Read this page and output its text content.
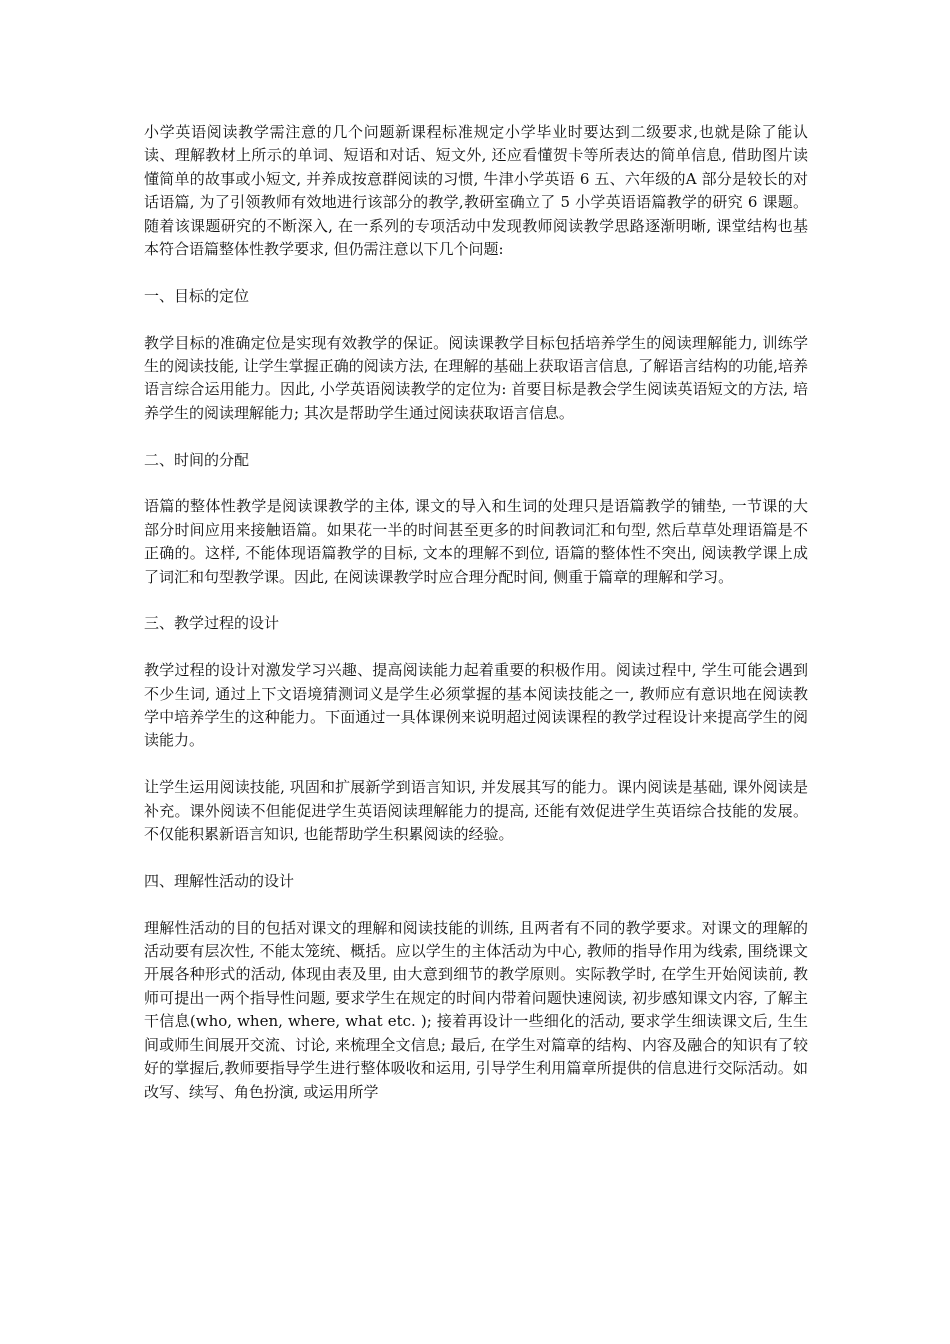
小学英语阅读教学需注意的几个问题新课程标准规定小学毕业时要达到二级要求,也就是除了能认读、理解教材上所示的单词、短语和对话、短文外, 还应看懂贺卡等所表达的简单信息, 借助图片读懂简单的故事或小短文, 并养成按意群阅读的习惯, 牛津小学英语 6 五、六年级的A 部分是较长的对话语篇, 为了引领教师有效地进行该部分的教学,教研室确立了 5 小学英语语篇教学的研究 6 课题。随着该课题研究的不断深入, 在一系列的专项活动中发现教师阅读教学思路逐渐明晰, 课堂结构也基本符合语篇整体性教学要求, 但仍需注意以下几个问题:

一、目标的定位

教学目标的准确定位是实现有效教学的保证。阅读课教学目标包括培养学生的阅读理解能力, 训练学生的阅读技能, 让学生掌握正确的阅读方法, 在理解的基础上获取语言信息, 了解语言结构的功能,培养语言综合运用能力。因此, 小学英语阅读教学的定位为: 首要目标是教会学生阅读英语短文的方法, 培养学生的阅读理解能力; 其次是帮助学生通过阅读获取语言信息。

二、时间的分配

语篇的整体性教学是阅读课教学的主体, 课文的导入和生词的处理只是语篇教学的铺垫, 一节课的大部分时间应用来接触语篇。如果花一半的时间甚至更多的时间教词汇和句型, 然后草草处理语篇是不正确的。这样, 不能体现语篇教学的目标, 文本的理解不到位, 语篇的整体性不突出, 阅读教学课上成了词汇和句型教学课。因此, 在阅读课教学时应合理分配时间, 侧重于篇章的理解和学习。

三、教学过程的设计

教学过程的设计对激发学习兴趣、提高阅读能力起着重要的积极作用。阅读过程中, 学生可能会遇到不少生词, 通过上下文语境猜测词义是学生必须掌握的基本阅读技能之一, 教师应有意识地在阅读教学中培养学生的这种能力。下面通过一具体课例来说明超过阅读课程的教学过程设计来提高学生的阅读能力。

让学生运用阅读技能, 巩固和扩展新学到语言知识, 并发展其写的能力。课内阅读是基础, 课外阅读是补充。课外阅读不但能促进学生英语阅读理解能力的提高, 还能有效促进学生英语综合技能的发展。不仅能积累新语言知识, 也能帮助学生积累阅读的经验。

四、理解性活动的设计

理解性活动的目的包括对课文的理解和阅读技能的训练, 且两者有不同的教学要求。对课文的理解的活动要有层次性, 不能太笼统、概括。应以学生的主体活动为中心, 教师的指导作用为线索, 围绕课文开展各种形式的活动, 体现由表及里, 由大意到细节的教学原则。实际教学时, 在学生开始阅读前, 教师可提出一两个指导性问题, 要求学生在规定的时间内带着问题快速阅读, 初步感知课文内容, 了解主干信息(who, when, where, what etc. ); 接着再设计一些细化的活动, 要求学生细读课文后, 生生间或师生间展开交流、讨论, 来梳理全文信息; 最后, 在学生对篇章的结构、内容及融合的知识有了较好的掌握后,教师要指导学生进行整体吸收和运用, 引导学生利用篇章所提供的信息进行交际活动。如改写、续写、角色扮演, 或运用所学
